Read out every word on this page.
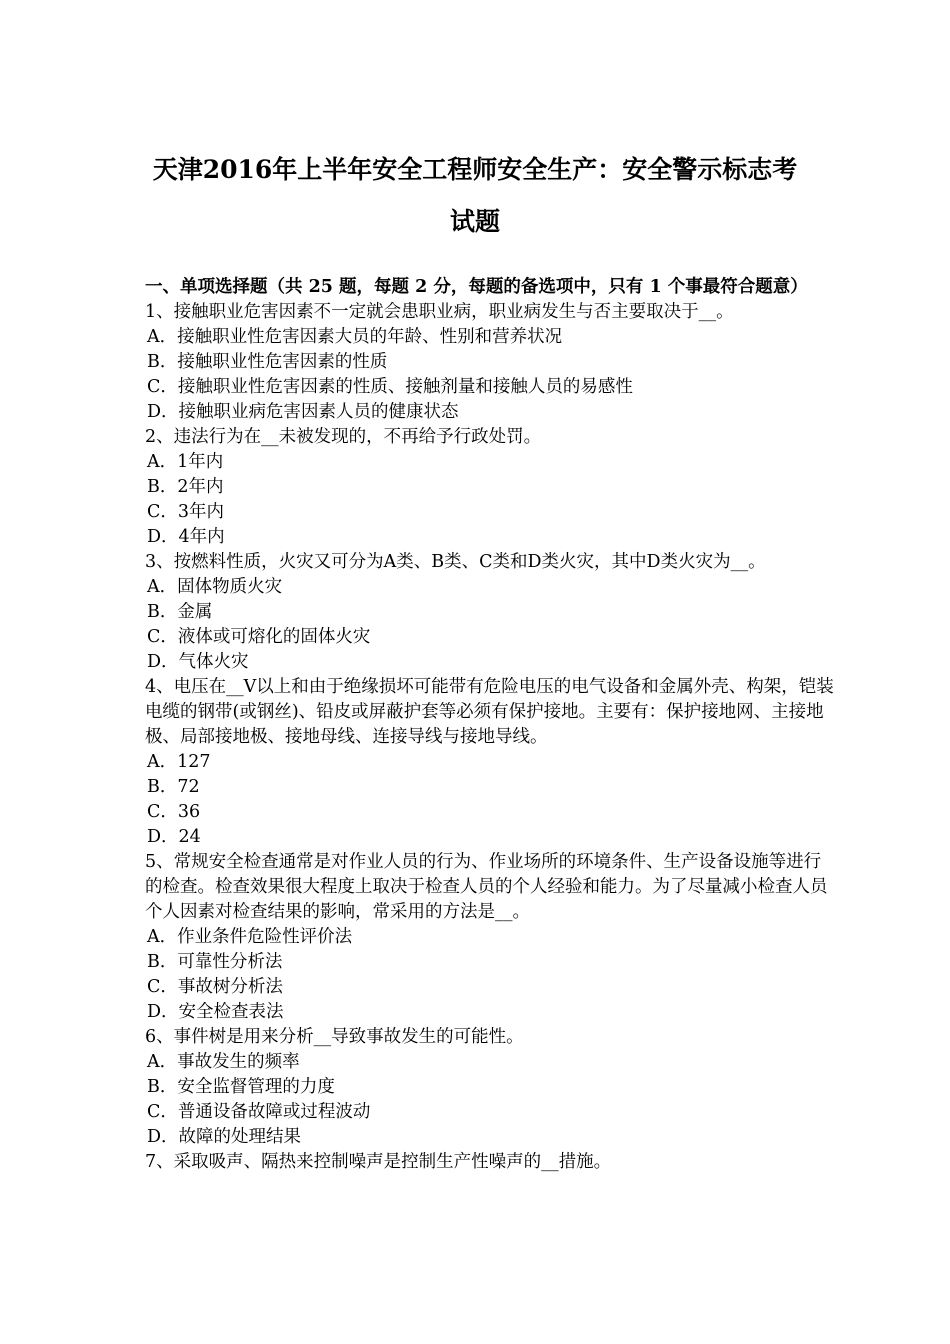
天津2016年上半年安全工程师安全生产：安全警示标志考
试题

一、单项选择题（共 25 题，每题 2 分，每题的备选项中，只有 1 个事最符合题意）

1、接触职业危害因素不一定就会患职业病，职业病发生与否主要取决于__。

A．接触职业性危害因素大员的年龄、性别和营养状况

B．接触职业性危害因素的性质

C．接触职业性危害因素的性质、接触剂量和接触人员的易感性

D．接触职业病危害因素人员的健康状态

2、违法行为在__未被发现的，不再给予行政处罚。

A．1年内

B．2年内

C．3年内

D．4年内

3、按燃料性质，火灾又可分为A类、B类、C类和D类火灾，其中D类火灾为__。

A．固体物质火灾

B．金属

C．液体或可熔化的固体火灾

D．气体火灾

4、电压在__V以上和由于绝缘损坏可能带有危险电压的电气设备和金属外壳、构架，铠装电缆的钢带(或钢丝)、铅皮或屏蔽护套等必须有保护接地。主要有：保护接地网、主接地极、局部接地极、接地母线、连接导线与接地导线。

A．127

B．72

C．36

D．24

5、常规安全检查通常是对作业人员的行为、作业场所的环境条件、生产设备设施等进行的检查。检查效果很大程度上取决于检查人员的个人经验和能力。为了尽量减小检查人员个人因素对检查结果的影响，常采用的方法是__。

A．作业条件危险性评价法

B．可靠性分析法

C．事故树分析法

D．安全检查表法

6、事件树是用来分析__导致事故发生的可能性。

A．事故发生的频率

B．安全监督管理的力度

C．普通设备故障或过程波动

D．故障的处理结果

7、采取吸声、隔热来控制噪声是控制生产性噪声的__措施。
